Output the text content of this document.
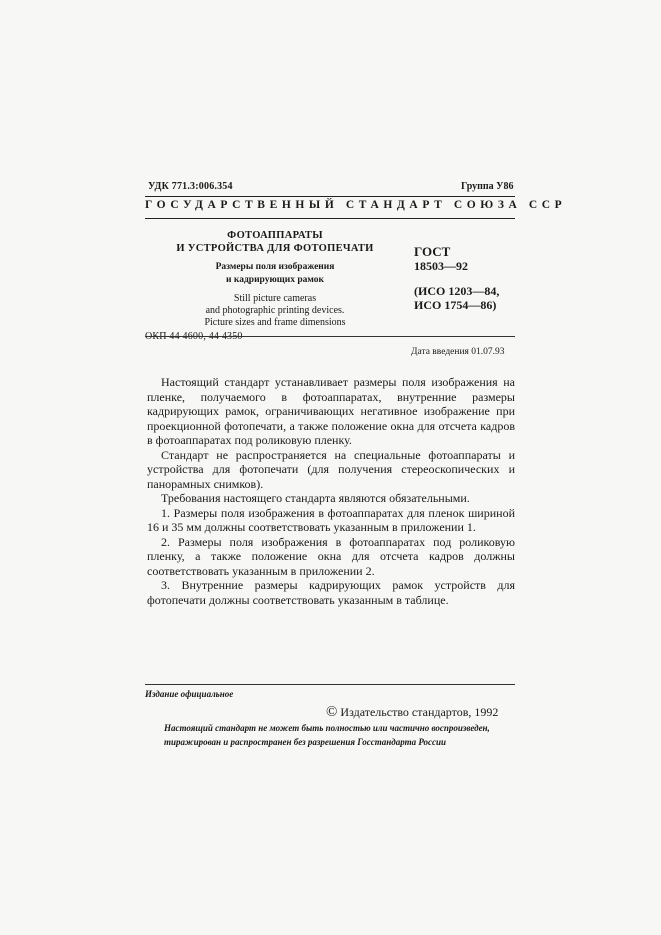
УДК 771.3:006.354	Группа У86
ГОСУДАРСТВЕННЫЙ СТАНДАРТ СОЮЗА ССР
ФОТОАППАРАТЫ
И УСТРОЙСТВА ДЛЯ ФОТОПЕЧАТИ
Размеры поля изображения
и кадрирующих рамок
Still picture cameras
and photographic printing devices.
Picture sizes and frame dimensions
ОКП 44 4600, 44 4350
ГОСТ
18503—92
(ИСО 1203—84,
ИСО 1754—86)
Дата введения 01.07.93

Настоящий стандарт устанавливает размеры поля изображения на пленке, получаемого в фотоаппаратах, внутренние размеры кадрирующих рамок, ограничивающих негативное изображение при проекционной фотопечати, а также положение окна для отсчета кадров в фотоаппаратах под роликовую пленку.

Стандарт не распространяется на специальные фотоаппараты и устройства для фотопечати (для получения стереоскопических и панорамных снимков).

Требования настоящего стандарта являются обязательными.

1. Размеры поля изображения в фотоаппаратах для пленок шириной 16 и 35 мм должны соответствовать указанным в приложении 1.

2. Размеры поля изображения в фотоаппаратах под роликовую пленку, а также положение окна для отсчета кадров должны соответствовать указанным в приложении 2.

3. Внутренние размеры кадрирующих рамок устройств для фотопечати должны соответствовать указанным в таблице.

Издание официальное
© Издательство стандартов, 1992
Настоящий стандарт не может быть полностью или частично воспроизведен,
тиражирован и распространен без разрешения Госстандарта России
